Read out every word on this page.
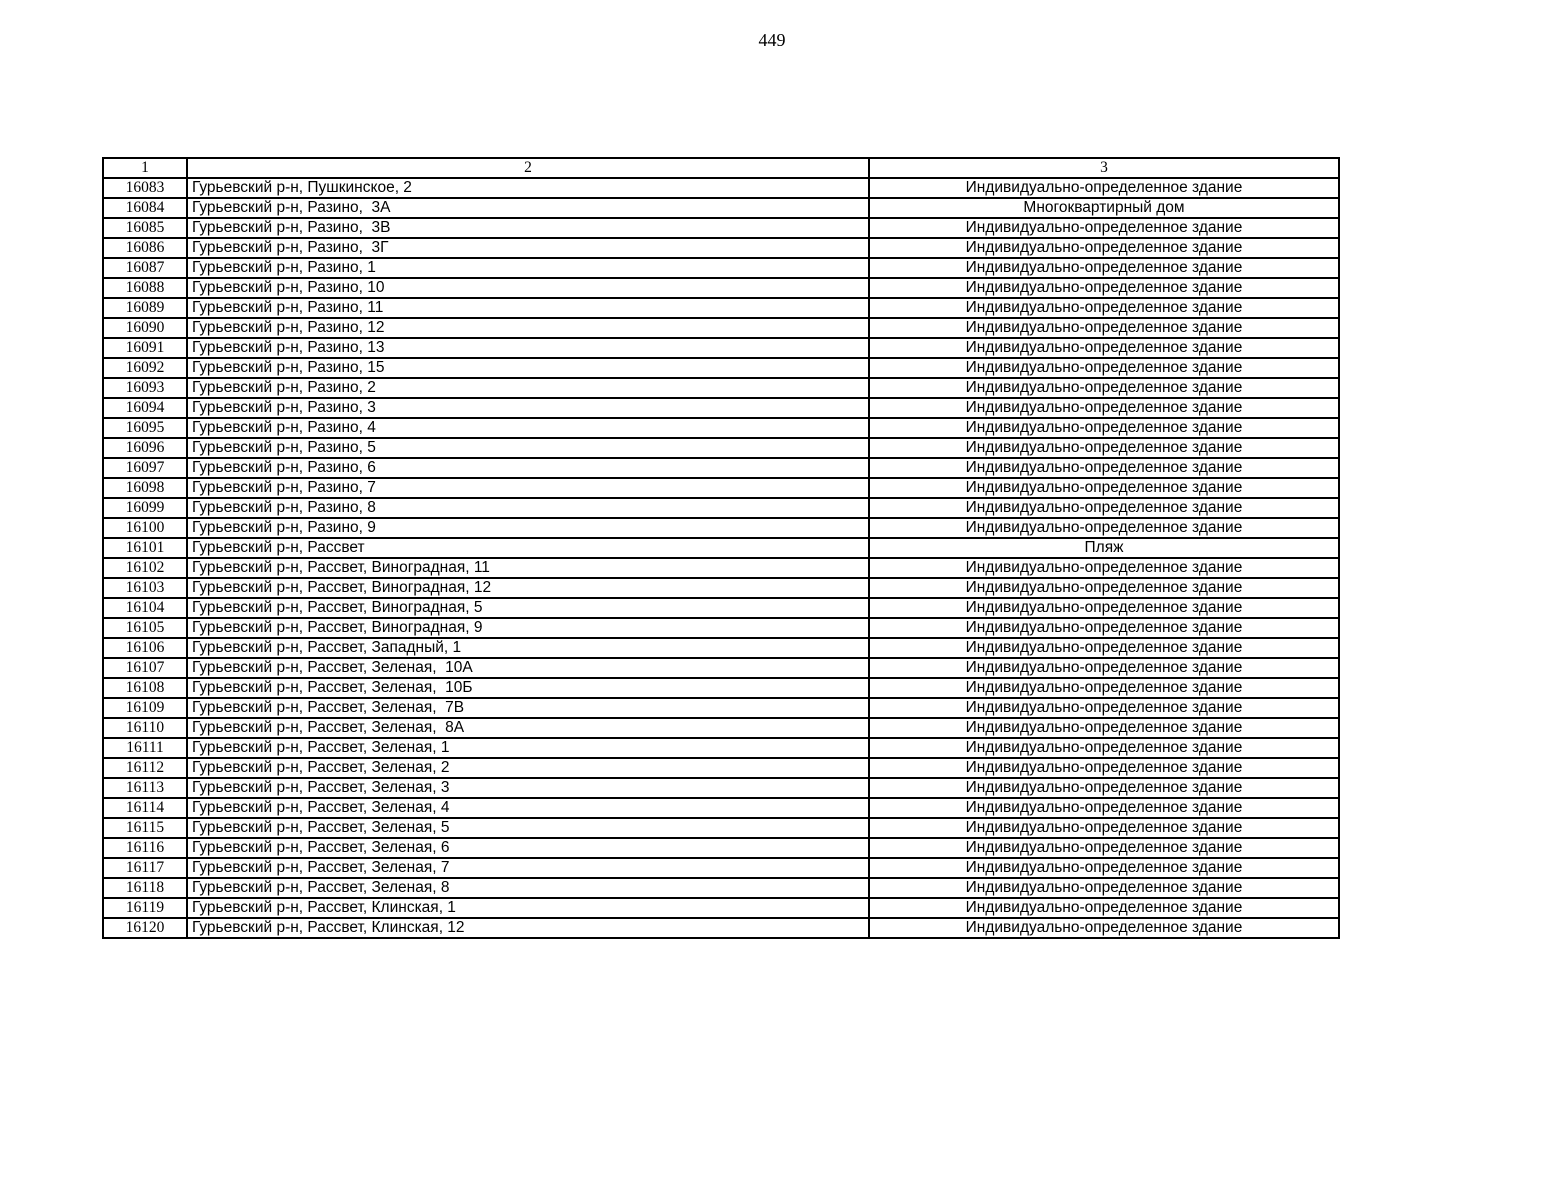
449
1	2	3
16083	Гурьевский р-н, Пушкинское, 2	Индивидуально-определенное здание
16084	Гурьевский р-н, Разино,  3А	Многоквартирный дом
16085	Гурьевский р-н, Разино,  3В	Индивидуально-определенное здание
16086	Гурьевский р-н, Разино,  3Г	Индивидуально-определенное здание
16087	Гурьевский р-н, Разино, 1	Индивидуально-определенное здание
16088	Гурьевский р-н, Разино, 10	Индивидуально-определенное здание
16089	Гурьевский р-н, Разино, 11	Индивидуально-определенное здание
16090	Гурьевский р-н, Разино, 12	Индивидуально-определенное здание
16091	Гурьевский р-н, Разино, 13	Индивидуально-определенное здание
16092	Гурьевский р-н, Разино, 15	Индивидуально-определенное здание
16093	Гурьевский р-н, Разино, 2	Индивидуально-определенное здание
16094	Гурьевский р-н, Разино, 3	Индивидуально-определенное здание
16095	Гурьевский р-н, Разино, 4	Индивидуально-определенное здание
16096	Гурьевский р-н, Разино, 5	Индивидуально-определенное здание
16097	Гурьевский р-н, Разино, 6	Индивидуально-определенное здание
16098	Гурьевский р-н, Разино, 7	Индивидуально-определенное здание
16099	Гурьевский р-н, Разино, 8	Индивидуально-определенное здание
16100	Гурьевский р-н, Разино, 9	Индивидуально-определенное здание
16101	Гурьевский р-н, Рассвет	Пляж
16102	Гурьевский р-н, Рассвет, Виноградная, 11	Индивидуально-определенное здание
16103	Гурьевский р-н, Рассвет, Виноградная, 12	Индивидуально-определенное здание
16104	Гурьевский р-н, Рассвет, Виноградная, 5	Индивидуально-определенное здание
16105	Гурьевский р-н, Рассвет, Виноградная, 9	Индивидуально-определенное здание
16106	Гурьевский р-н, Рассвет, Западный, 1	Индивидуально-определенное здание
16107	Гурьевский р-н, Рассвет, Зеленая,  10А	Индивидуально-определенное здание
16108	Гурьевский р-н, Рассвет, Зеленая,  10Б	Индивидуально-определенное здание
16109	Гурьевский р-н, Рассвет, Зеленая,  7В	Индивидуально-определенное здание
16110	Гурьевский р-н, Рассвет, Зеленая,  8А	Индивидуально-определенное здание
16111	Гурьевский р-н, Рассвет, Зеленая, 1	Индивидуально-определенное здание
16112	Гурьевский р-н, Рассвет, Зеленая, 2	Индивидуально-определенное здание
16113	Гурьевский р-н, Рассвет, Зеленая, 3	Индивидуально-определенное здание
16114	Гурьевский р-н, Рассвет, Зеленая, 4	Индивидуально-определенное здание
16115	Гурьевский р-н, Рассвет, Зеленая, 5	Индивидуально-определенное здание
16116	Гурьевский р-н, Рассвет, Зеленая, 6	Индивидуально-определенное здание
16117	Гурьевский р-н, Рассвет, Зеленая, 7	Индивидуально-определенное здание
16118	Гурьевский р-н, Рассвет, Зеленая, 8	Индивидуально-определенное здание
16119	Гурьевский р-н, Рассвет, Клинская, 1	Индивидуально-определенное здание
16120	Гурьевский р-н, Рассвет, Клинская, 12	Индивидуально-определенное здание
